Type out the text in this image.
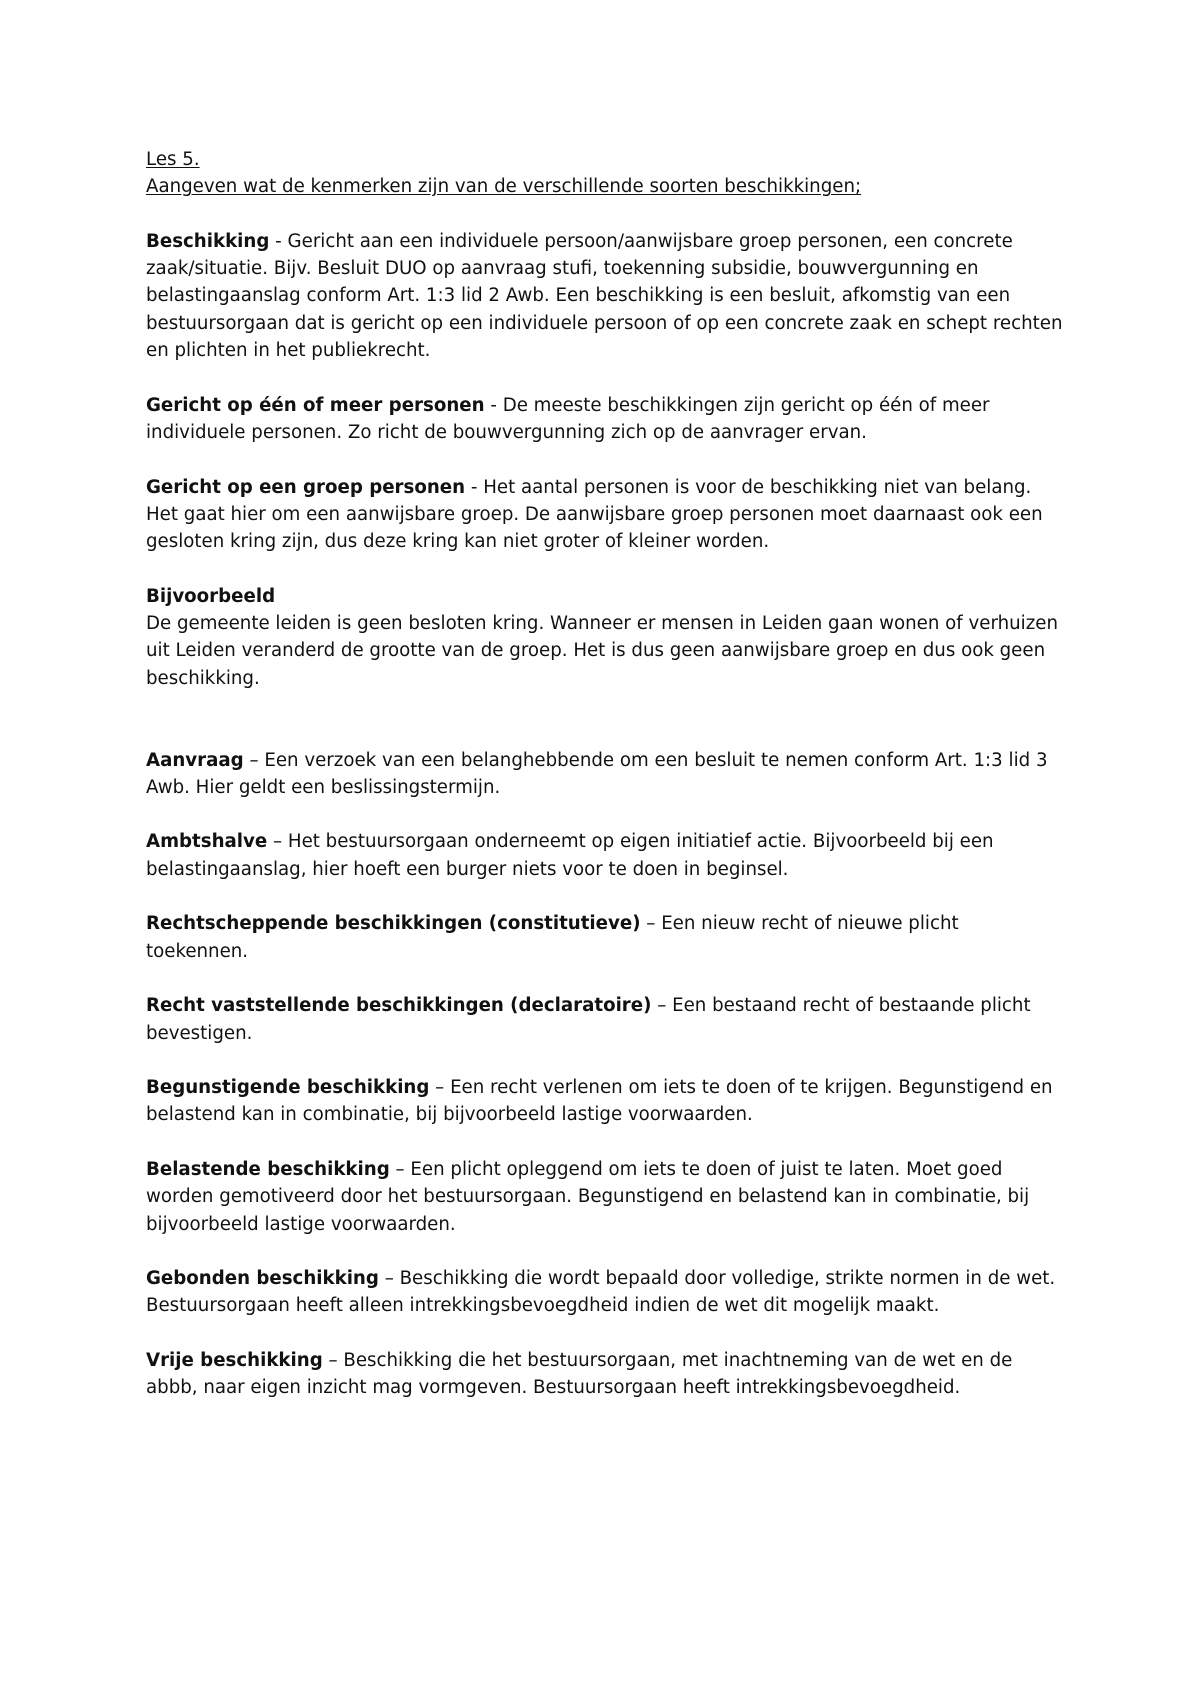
Les 5.
Aangeven wat de kenmerken zijn van de verschillende soorten beschikkingen;

Beschikking - Gericht aan een individuele persoon/aanwijsbare groep personen, een concrete zaak/situatie. Bijv. Besluit DUO op aanvraag stufi, toekenning subsidie, bouwvergunning en belastingaanslag conform Art. 1:3 lid 2 Awb. Een beschikking is een besluit, afkomstig van een bestuursorgaan dat is gericht op een individuele persoon of op een concrete zaak en schept rechten en plichten in het publiekrecht.

Gericht op één of meer personen - De meeste beschikkingen zijn gericht op één of meer individuele personen. Zo richt de bouwvergunning zich op de aanvrager ervan.

Gericht op een groep personen - Het aantal personen is voor de beschikking niet van belang. Het gaat hier om een aanwijsbare groep. De aanwijsbare groep personen moet daarnaast ook een gesloten kring zijn, dus deze kring kan niet groter of kleiner worden.

Bijvoorbeeld
De gemeente leiden is geen besloten kring. Wanneer er mensen in Leiden gaan wonen of verhuizen uit Leiden veranderd de grootte van de groep. Het is dus geen aanwijsbare groep en dus ook geen beschikking.

Aanvraag – Een verzoek van een belanghebbende om een besluit te nemen conform Art. 1:3 lid 3 Awb. Hier geldt een beslissingstermijn.

Ambtshalve – Het bestuursorgaan onderneemt op eigen initiatief actie. Bijvoorbeeld bij een belastingaanslag, hier hoeft een burger niets voor te doen in beginsel.

Rechtscheppende beschikkingen (constitutieve) – Een nieuw recht of nieuwe plicht toekennen.

Recht vaststellende beschikkingen (declaratoire) – Een bestaand recht of bestaande plicht bevestigen.

Begunstigende beschikking – Een recht verlenen om iets te doen of te krijgen. Begunstigend en belastend kan in combinatie, bij bijvoorbeeld lastige voorwaarden.

Belastende beschikking – Een plicht opleggend om iets te doen of juist te laten. Moet goed worden gemotiveerd door het bestuursorgaan. Begunstigend en belastend kan in combinatie, bij bijvoorbeeld lastige voorwaarden.

Gebonden beschikking – Beschikking die wordt bepaald door volledige, strikte normen in de wet. Bestuursorgaan heeft alleen intrekkingsbevoegdheid indien de wet dit mogelijk maakt.

Vrije beschikking – Beschikking die het bestuursorgaan, met inachtneming van de wet en de abbb, naar eigen inzicht mag vormgeven. Bestuursorgaan heeft intrekkingsbevoegdheid.
